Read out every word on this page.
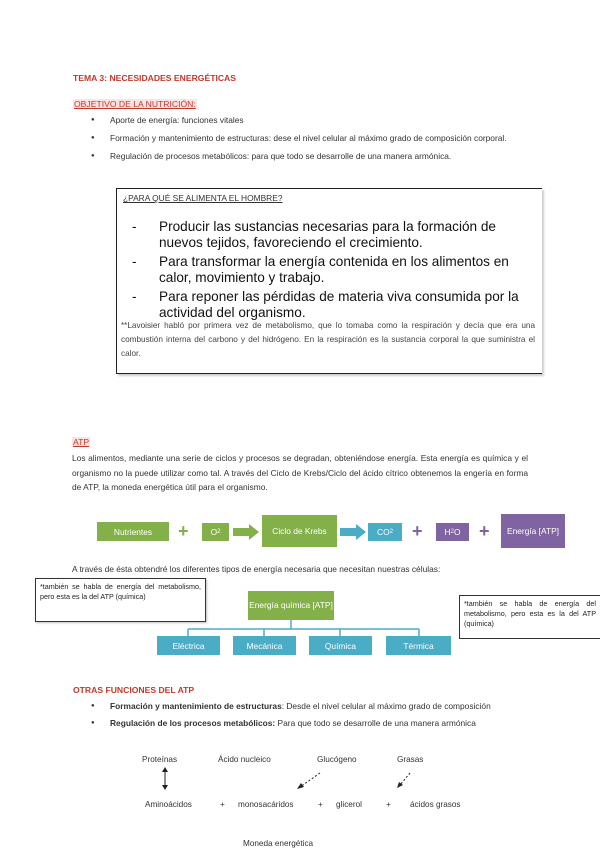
TEMA 3: NECESIDADES ENERGÉTICAS
OBJETIVO DE LA NUTRICIÓN:
● Aporte de energía: funciones vitales
● Formación y mantenimiento de estructuras: dese el nivel celular al máximo grado de composición corporal.
● Regulación de procesos metabólicos: para que todo se desarrolle de una manera armónica.
¿PARA QUÉ SE ALIMENTA EL HOMBRE?
- Producir las sustancias necesarias para la formación de nuevos tejidos, favoreciendo el crecimiento.
- Para transformar la energía contenida en los alimentos en calor, movimiento y trabajo.
- Para reponer las pérdidas de materia viva consumida por la actividad del organismo.
**Lavoisier habló por primera vez de metabolismo, que lo tomaba como la respiración y decía que era una combustión interna del carbono y del hidrógeno. En la respiración es la sustancia corporal la que suministra el calor.
ATP
Los alimentos, mediante una serie de ciclos y procesos se degradan, obteniéndose energía. Esta energía es química y el organismo no la puede utilizar como tal. A través del Ciclo de Krebs/Ciclo del ácido cítrico obtenemos la engería en forma de ATP, la moneda energética útil para el organismo.
Nutrientes	+	O 2	Ciclo de Krebs	CO 2 +	H 2 O +	Energía [ATP]
A través de ésta obtendré los diferentes tipos de energía necesaria que necesitan nuestras células:
*también se habla de energía del metabolismo, pero esta es la del ATP (química)
Energía química [ATP]
Eléctrica	Mecánica	Química	Térmica
*también se habla de energía del metabolismo, pero esta es la del ATP (química)
OTRAS FUNCIONES DEL ATP
● Formación y mantenimiento de estructuras: Desde el nivel celular al máximo grado de composición
● Regulación de los procesos metabólicos: Para que todo se desarrolle de una manera armónica
Proteínas	Ácido nucleico	Glucógeno	Grasas
Aminoácidos	+ monosacáridos	+ glicerol	+ ácidos grasos
Moneda energética
